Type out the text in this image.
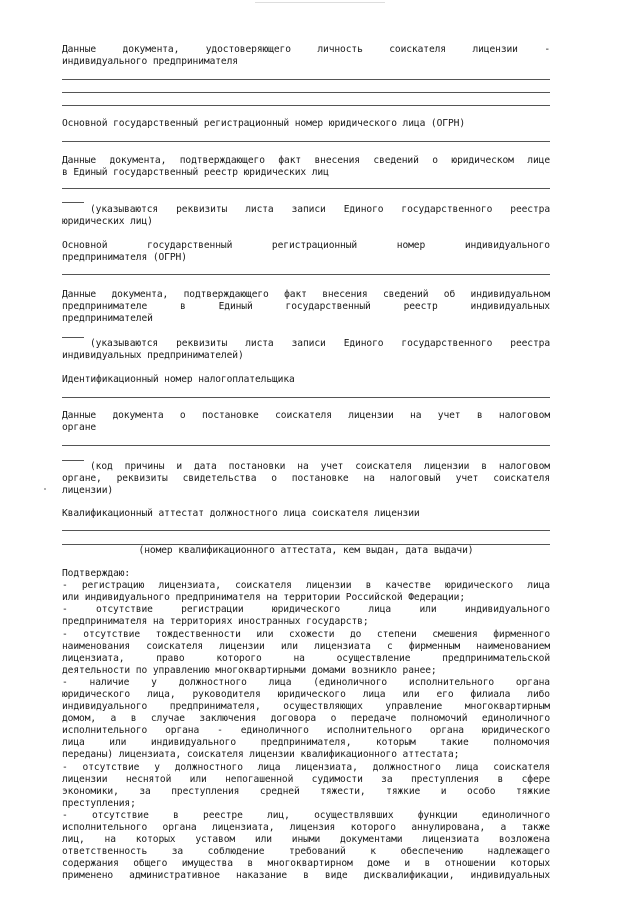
Данные документа, удостоверяющего личность соискателя лицензии -
индивидуального предпринимателя
Основной государственный регистрационный номер юридического лица (ОГРН)
Данные документа, подтверждающего факт внесения сведений о юридическом лице
в Единый государственный реестр юридических лиц
(указываются реквизиты листа записи Единого государственного реестра
юридических лиц)
Основной государственный регистрационный номер индивидуального
предпринимателя (ОГРН)
Данные документа, подтверждающего факт внесения сведений об индивидуальном
предпринимателе в Единый государственный реестр индивидуальных
предпринимателей
(указываются реквизиты листа записи Единого государственного реестра
индивидуальных предпринимателей)
Идентификационный номер налогоплательщика
Данные документа о постановке соискателя лицензии на учет в налоговом
органе
(код причины и дата постановки на учет соискателя лицензии в налоговом
органе, реквизиты свидетельства о постановке на налоговый учет соискателя
лицензии)
Квалификационный аттестат должностного лица соискателя лицензии
(номер квалификационного аттестата, кем выдан, дата выдачи)
Подтверждаю:
- регистрацию лицензиата, соискателя лицензии в качестве юридического лица
или индивидуального предпринимателя на территории Российской Федерации;
- отсутствие регистрации юридического лица или индивидуального
предпринимателя на территориях иностранных государств;
- отсутствие тождественности или схожести до степени смешения фирменного
наименования соискателя лицензии или лицензиата с фирменным наименованием
лицензиата, право которого на осуществление предпринимательской
деятельности по управлению многоквартирными домами возникло ранее;
- наличие у должностного лица (единоличного исполнительного органа
юридического лица, руководителя юридического лица или его филиала либо
индивидуального предпринимателя, осуществляющих управление многоквартирным
домом, а в случае заключения договора о передаче полномочий единоличного
исполнительного органа - единоличного исполнительного органа юридического
лица или индивидуального предпринимателя, которым такие полномочия
переданы) лицензиата, соискателя лицензии квалификационного аттестата;
- отсутствие у должностного лица лицензиата, должностного лица соискателя
лицензии неснятой или непогашенной судимости за преступления в сфере
экономики, за преступления средней тяжести, тяжкие и особо тяжкие
преступления;
- отсутствие в реестре лиц, осуществлявших функции единоличного
исполнительного органа лицензиата, лицензия которого аннулирована, а также
лиц, на которых уставом или иными документами лицензиата возложена
ответственность за соблюдение требований к обеспечению надлежащего
содержания общего имущества в многоквартирном доме и в отношении которых
применено административное наказание в виде дисквалификации, индивидуальных
